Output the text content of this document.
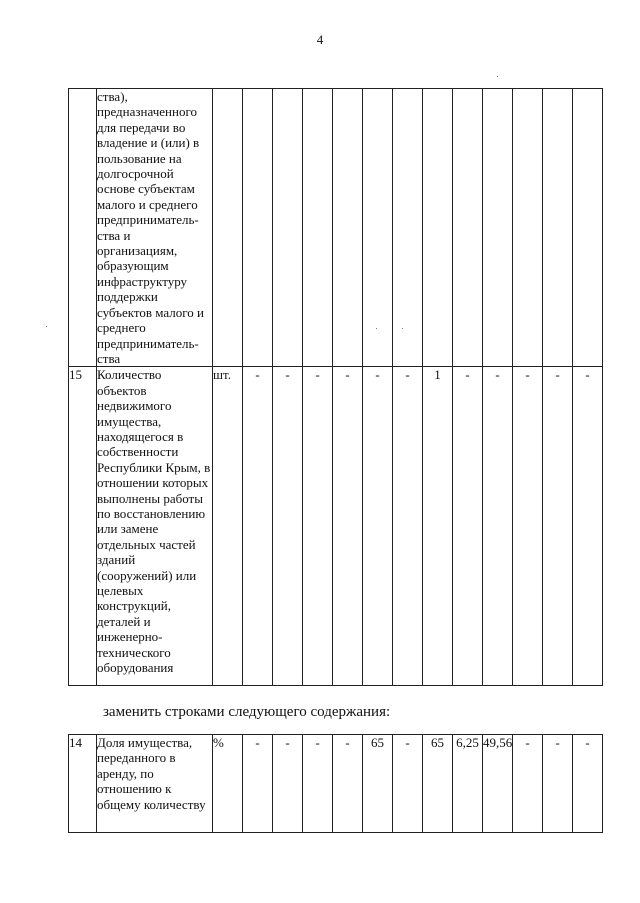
4
	ства), предназначенного для передачи во владение и (или) в пользование на долгосрочной основе субъектам малого и среднего предприниматель-ства и организациям, образующим инфраструктуру поддержки субъектов малого и среднего предприниматель-ства													
15	Количество объектов недвижимого имущества, находящегося в собственности Республики Крым, в отношении которых выполнены работы по восстановлению или замене отдельных частей зданий (сооружений) или целевых конструкций, деталей и инженерно-технического оборудования	шт.	-	-	-	-	-	-	1	-	-	-	-	-
заменить строками следующего содержания:
14	Доля имущества, переданного в аренду, по отношению к общему количеству	%	-	-	-	-	65	-	65	6,25	49,56	-	-	-
